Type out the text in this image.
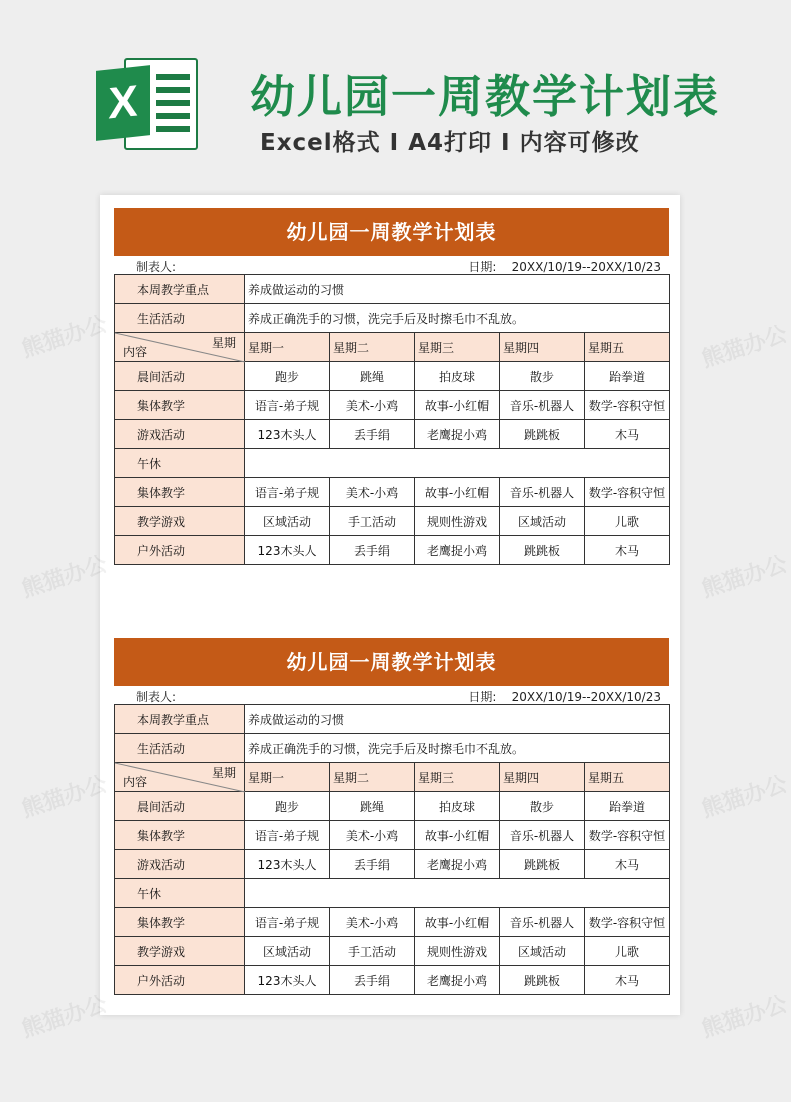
X 幼儿园一周教学计划表
Excel格式 I A4打印 I 内容可修改
幼儿园一周教学计划表
制表人:	日期: 20XX/10/19--20XX/10/23
本周教学重点	养成做运动的习惯				
生活活动	养成正确洗手的习惯，洗完手后及时擦毛巾不乱放。				

星期
内容	星期一	星期二	星期三	星期四	星期五
晨间活动	跑步	跳绳	拍皮球	散步	跆拳道
集体教学	语言-弟子规	美术-小鸡	故事-小红帽	音乐-机器人	数学-容积守恒
游戏活动	123木头人	丢手绢	老鹰捉小鸡	跳跳板	木马
午休					
集体教学	语言-弟子规	美术-小鸡	故事-小红帽	音乐-机器人	数学-容积守恒
教学游戏	区域活动	手工活动	规则性游戏	区域活动	儿歌
户外活动	123木头人	丢手绢	老鹰捉小鸡	跳跳板	木马
幼儿园一周教学计划表
制表人:	日期: 20XX/10/19--20XX/10/23
本周教学重点	养成做运动的习惯				
生活活动	养成正确洗手的习惯，洗完手后及时擦毛巾不乱放。				

星期
内容	星期一	星期二	星期三	星期四	星期五
晨间活动	跑步	跳绳	拍皮球	散步	跆拳道
集体教学	语言-弟子规	美术-小鸡	故事-小红帽	音乐-机器人	数学-容积守恒
游戏活动	123木头人	丢手绢	老鹰捉小鸡	跳跳板	木马
午休					
集体教学	语言-弟子规	美术-小鸡	故事-小红帽	音乐-机器人	数学-容积守恒
教学游戏	区域活动	手工活动	规则性游戏	区域活动	儿歌
户外活动	123木头人	丢手绢	老鹰捉小鸡	跳跳板	木马
熊猫办公	熊猫办公
熊猫办公	熊猫办公
熊猫办公	熊猫办公
熊猫办公	熊猫办公
